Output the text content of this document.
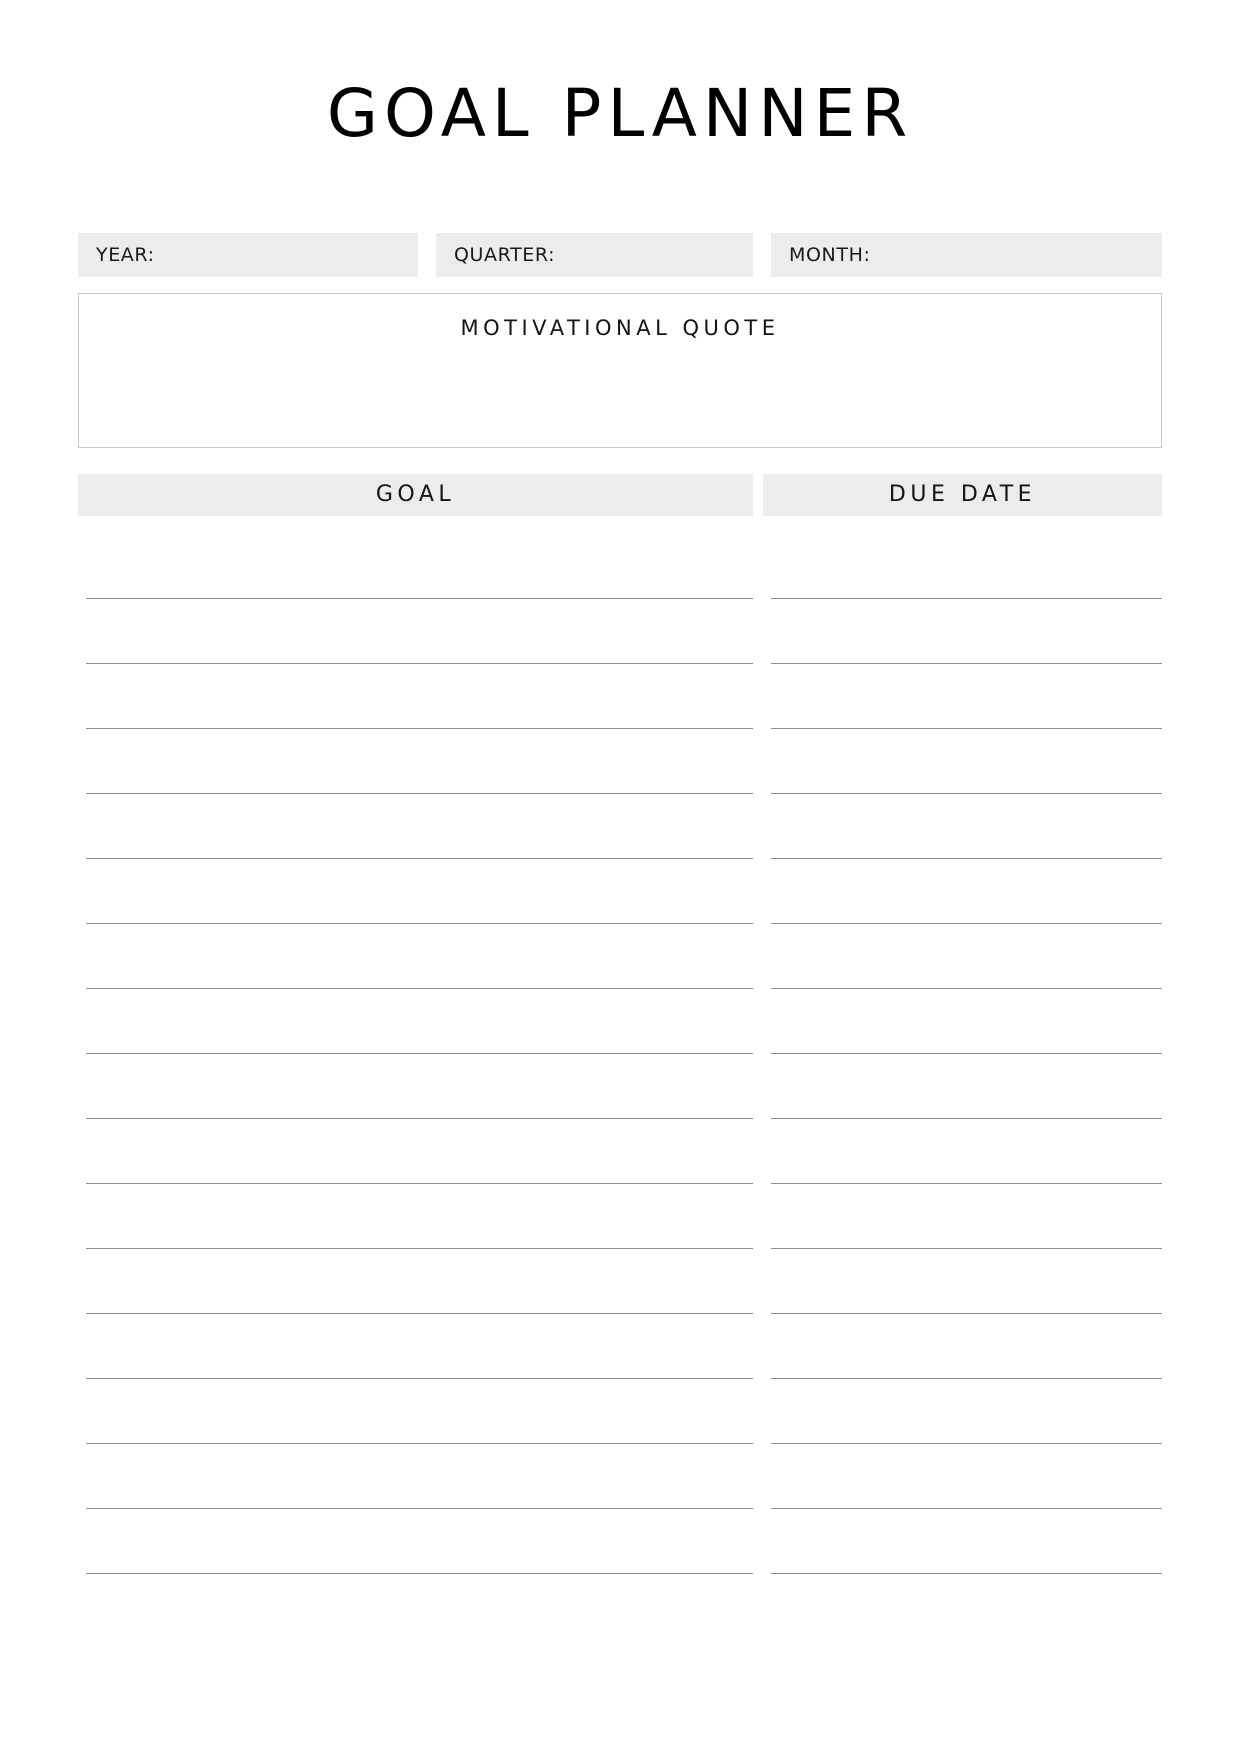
GOAL PLANNER
YEAR:	QUARTER:	MONTH:
MOTIVATIONAL QUOTE
GOAL	DUE DATE
